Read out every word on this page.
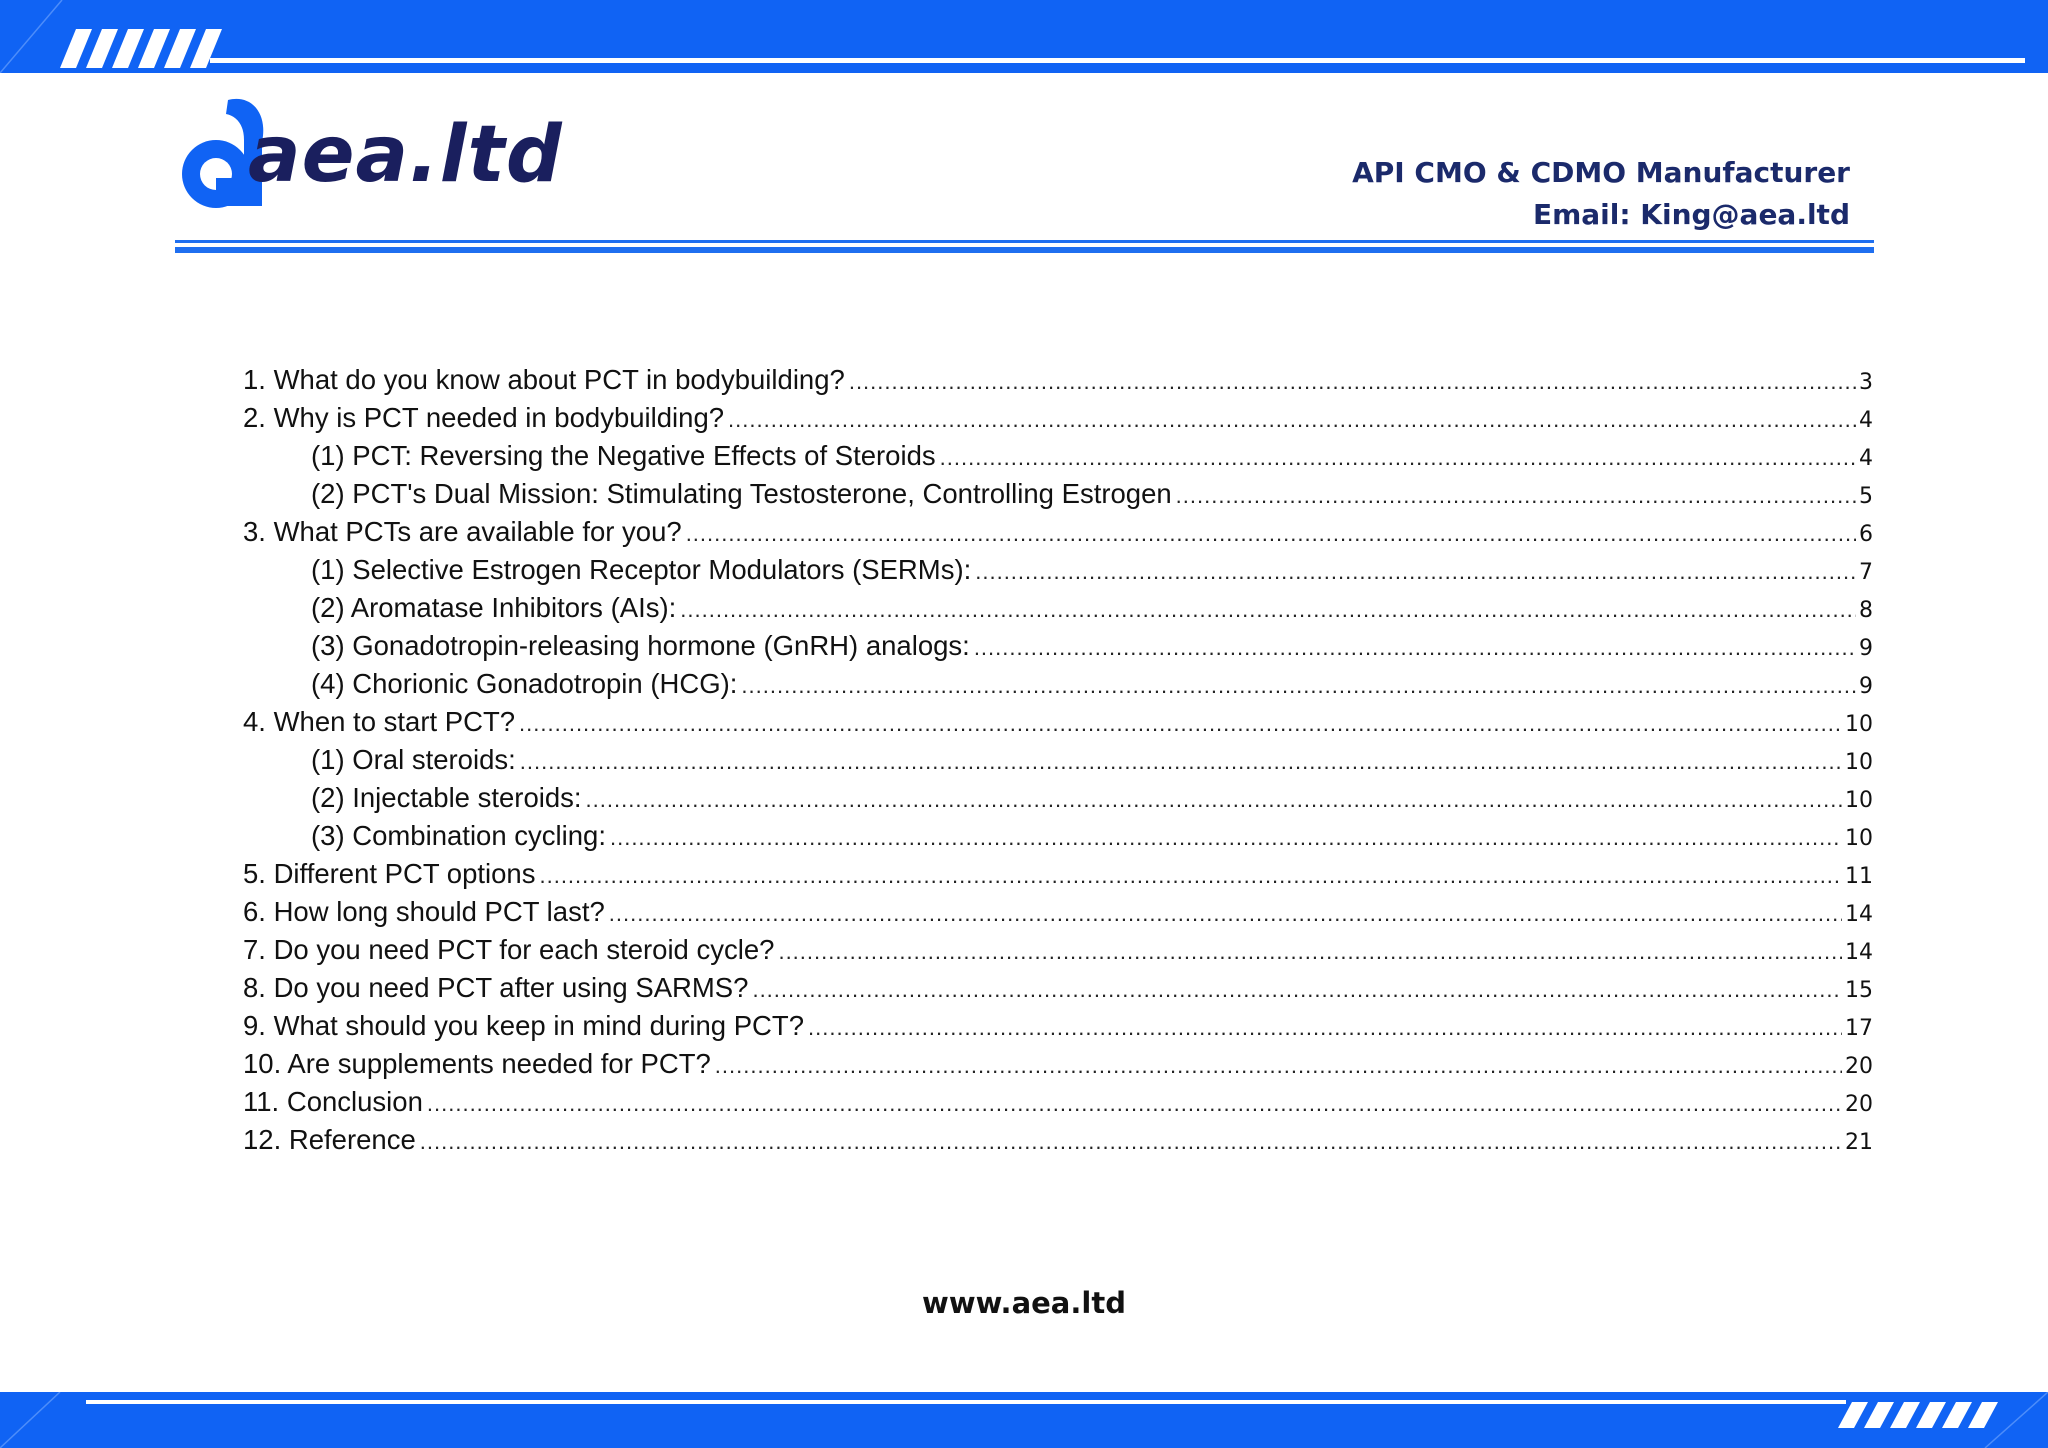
aea.ltd	API CMO & CDMO Manufacturer
Email: King@aea.ltd
1. What do you know about PCT in bodybuilding? .....	3
2. Why is PCT needed in bodybuilding? .....	4
(1) PCT: Reversing the Negative Effects of Steroids .....	4
(2) PCT's Dual Mission: Stimulating Testosterone, Controlling Estrogen .....	5
3. What PCTs are available for you? .....	6
(1) Selective Estrogen Receptor Modulators (SERMs): .....	7
(2) Aromatase Inhibitors (AIs): .....	8
(3) Gonadotropin-releasing hormone (GnRH) analogs: .....	9
(4) Chorionic Gonadotropin (HCG): .....	9
4. When to start PCT? .....	10
(1) Oral steroids: .....	10
(2) Injectable steroids: .....	10
(3) Combination cycling: .....	10
5. Different PCT options .....	11
6. How long should PCT last? .....	14
7. Do you need PCT for each steroid cycle? .....	14
8. Do you need PCT after using SARMS? .....	15
9. What should you keep in mind during PCT? .....	17
10. Are supplements needed for PCT? .....	20
11. Conclusion .....	20
12. Reference .....	21
www.aea.ltd
